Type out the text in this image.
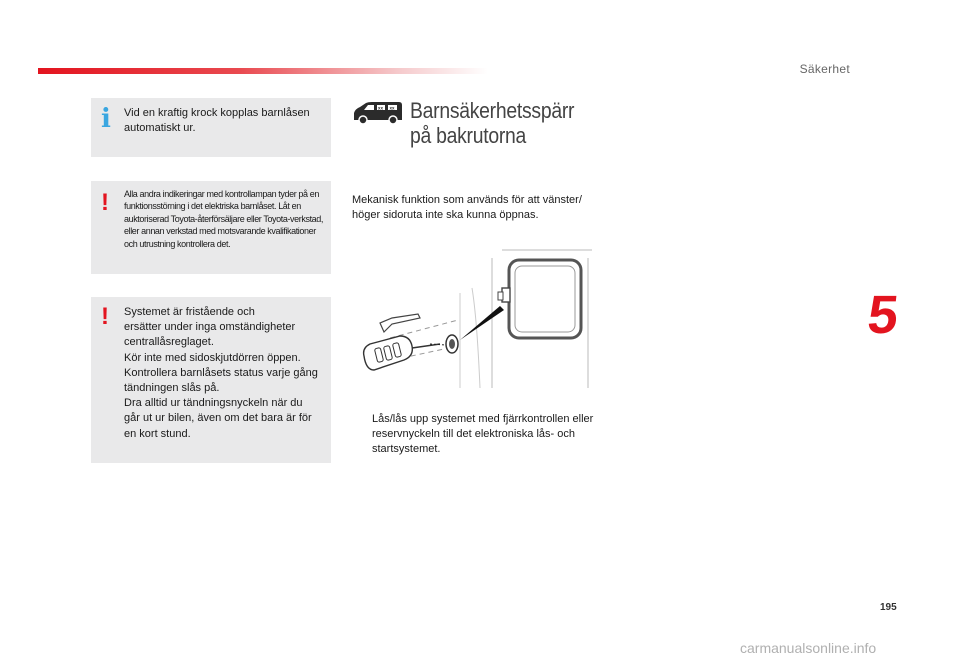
Säkerhet
5
195
i Vid en kraftig krock kopplas barnlåsen automatiskt ur.
! Alla andra indikeringar med kontrollampan tyder på en funktionsstörning i det elektriska barnlåset. Låt en auktoriserad Toyota-återförsäljare eller Toyota-verkstad, eller annan verkstad med motsvarande kvalifikationer och utrustning kontrollera det.
! Systemet är fristående och
ersätter under inga omständigheter
centrallåsreglaget.
Kör inte med sidoskjutdörren öppen.
Kontrollera barnlåsets status varje gång
tändningen slås på.
Dra alltid ur tändningsnyckeln när du
går ut ur bilen, även om det bara är för
en kort stund.
xx xx Barnsäkerhetsspärr
på bakrutorna
Mekanisk funktion som används för att vänster/ höger sidoruta inte ska kunna öppnas.
Lås/lås upp systemet med fjärrkontrollen eller reservnyckeln till det elektroniska lås- och startsystemet.
carmanualsonline.info
